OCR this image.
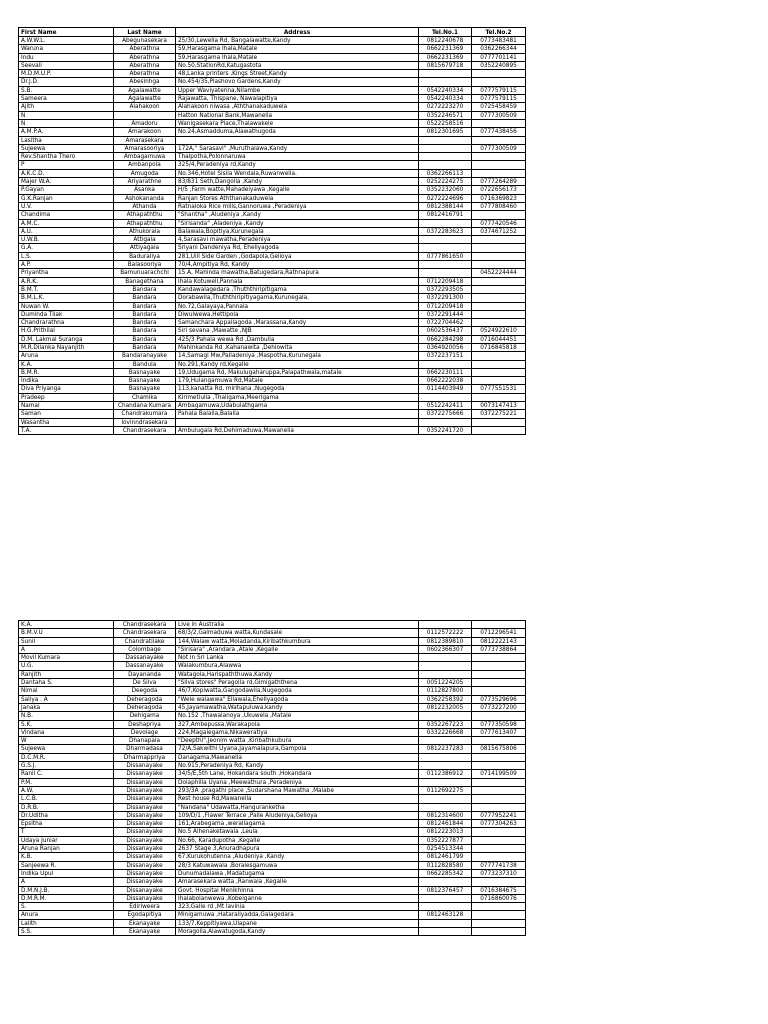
First Name	Last Name	Address	Tel.No.1	Tel.No.2
A.W.W.L.	Abegunasekara	25/30,Lewella Rd, Bangalawatte,Kandy	0812240678	0773483481
Waruna	Aberathna	59,Harasgama Ihala,Matale	0662231369	0362266344
Indu	Aberathna	59,Harasgama Ihala,Matale	0662231369	0777701141
Seevali	Aberathna	No.50,StationRd,Katugastota	0815679718	0352240895
M.D.M.U.P.	Aberathna	48,Lanka printers ,Kings Street,Kandy		
Dr.J.D.	Abesinhga	No.454/35,Piashovo Gardens,Kandy		
S.B.	Agalawatte	Upper Waviyatenna,Nilambe	0542240334	0777579115
Sameera	Agalawatte	Rajawatta, Thispane, Nawalapitiya	0542240334	0777579115
Ajith	Alahakoon	Alahakoon niwasa ,Aththanakaduwela	0272223270	0725458459
N		Hatton National Bank,Mawanella	0352246571	0777300509
N	Amadoru	Wanigasekara Place,Thalawakele	0522258516	
A.M.P.A.	Amarakoon	No.24,Asmadduma,Alawathugoda	0812301695	0777438456
Lasitha	Amarasekara			
Sujeewa	Amarasooriya	172A," Sarasavi" ,Muruthalawa,Kandy		0777300509
Rev.Shantha Thero	Ambagamuwa	Thalpotha,Polonnaruwa		
P	Ambanpola	325/4,Peradeniya rd,Kandy		
A.K.C.D.	Amugoda	No.346,Hotel Sisila Wendala,Ruwanwella.	0362266113	
Majer W.A.	Ariyarathne	83/831 Seth,Dangolla ,Kandy	0252224275	0777264289
P.Gayan	Asanka	H/5 ,Farm watte,Mahadeiyawa ,Kegalle	0352232060	0722656173
G.K.Ranjan	Ashokananda	Ranjan Stores Aththanakaduwela	0272224696	0716369823
U.V.	Athanda	Ratnaloka Rice mills,Gannoruwa ,Peradeniya	0812388144	0777808460
Chandima	Athapaththu	"Shantha" ,Aludeniya ,Kandy	0812416791	
A.M.C.	Athapaththu	"Sirisanda" ,Aladeniya ,Kandy		0777420546
A.U.	Athukorala	Balawala,Bopitiya,Kurunegala	0372283623	0374671252
U.W.B.	Attigala	4,Sarasavi mawatha,Peradeniya		
G.A.	Attiyagala	Sriyani Dandeniya Rd, Eheliyagoda		
L.S.	Baduraliya	281,Uill Side Garden ,Godapola,Gelioya	0777861650	
A.P.	Balasooriya	70/4,Ampitiya Rd, Kandy		
Priyantha	Bamunuarachchi	15 A, Mahinda mawatha,Batugedara,Rathnapura		0452224444
A.R.K.	Banagethana	Ihala Kotuwell,Pannala	0712209418	
B.M.T.	Bandara	Kandawalagedara ,Thuththiripitigama	0372293505	
B.M.L.K.	Bandara	Dorabawila,Thuththiripitiyagama,Kurunegala.	0372291300	
Nuwan W.	Bandara	No.72,Galayaya,Pannala	0712209418	
Duminda Tilak	Bandara	Diwulwewa,Hettipola	0372291444	
Chandrarathna	Bandara	Samanchara Appallagoda ,Marassana,Kandy	0722704462	
H.G.Prithilal	Bandara	Siri sevana ,Mawatte ,NJB	0602536437	0524922610
D.M. Lakmal Suranga	Bandara	425/3 Pahala wewa Rd ,Dambulla	0662284298	0716044451
M.R.Dilanka Nayanjith	Bandara	Mahinkanda Rd ,Kahanawita ,Dehiowita	0364920056	0716845818
Aruna	Bandaranayake	14,Samagi Mw,Palladeniya ,Maspotha,Kurunegala	0372237151	
K.A.	Bandula	No.291,Kandy rd,Kegalle		
B.M.R.	Basnayake	19,Udugama Rd, Makulugaharuppa,Palapathwala,matale	0662230111	
Indika	Basnayake	179,Hulangamuwa Rd,Matale	0662222038	
Diva Priyanga	Basnayake	113,kanatta Rd, mirihana ,Nugegoda	0114403949	0777551531
Pradeep	Chamika	Kirimetiulla ,Thaligama,Meerigama		
Namal	Chandana Kumara	Ambagamuwa,Udabulathgama	0512242411	0073147413
Saman	Chandrakumara	Pahala Balalla,Balalla	0372275666	0372275221
Wasantha	lovinndrasekara			
T.A.	Chandrasekara	Ambulugala Rd,Dehimaduwa,Mawanella	0352241720	
K.A.	Chandrasekara	Live in Australia		
B.M.V.U	Chandrasekara	68/3/2,Galmaduwa watta,Kundasale	0112572222	0712296541
Sunil	Chandratilake	144,Walaw watta,Moladanda,Kiribathkumbura	0812389810	0812222143
A	Colombage	"Sirisara" ,Arandara ,Atale ,Kegalle	0602366307	0773738864
Movil Kumara	Dassanayake	Not in Sri Lanka		
U.G.	Dassanayake	Walakumbura,Alawwa		
Ranjith	Dayananda	Watagola,Harispaththuwa,Kandy		
Dantaha S.	De Silva	"Silva stores" Peragolla rd,Gimigaththena	0051224205	
Nimal	Deegoda	46/7,Kopiwatta,Gangodawila,Nugegoda	0112827800	
Saliya . A	Deheragoda	"Wele walawwa" Ellawala,Eheliyagoda	0362258392	0773529696
Janaka	Deheragoda	45,Jayamawatha,Watapuluwa,kandy	0812232005	0773227200
N.B.	Dehigama	No.152 ,Thawalanoya ,Ukuwela ,Matale		
S.K.	Deshapriya	327,Ambepussa,Warakapola	0352267223	0777350598
Vindana	Devolage	224,Magalegama,Nikaweratiya	0332226668	0777613407
W	Dhanapala	"Deepthi",Jeonim watta ,Kiribathkubura		
Sujeewa	Dharmadasa	72/A,Sakwithi Uyana,Jayamalapura,Gampola	0812237283	0815675806
D.C.M.R.	Dharmappriya	Danagama,Mawanella		
G.S.J.	Dissanayake	No.915,Peradeniya Rd, Kandy		
Ranil C.	Dissanayake	34/5/E,5th Lane, Hokandara south ,Hokandara	0112386912	0714199509
P.M.	Dissanayake	Dolaphilla Uyana ,Meewathura ,Peradeniya		
A.W.	Dissanayake	293/3A ,pragathi place ,Sudarshana Mawatha ,Malabe	0112692275	
L.C.B.	Dissanayake	Rest house Rd,Mawanella		
D.R.B.	Dissanayake	"Nandana" Udawatta,Hanguranketha		
Dr.Uditha	Dissanayake	109/D/1 ,Flawer Terrace ,Palle Aludeniya,Gelioya	0812314600	0777952241
Epsitha	Dissanayake	161,Arabegama ,werallagama	0812461844	0777304263
T	Dissanayake	No.5 Alhenaketawala ,Leula	0812223013	
Udaya Juniar	Dissanayake	No.66, Karadupotha ,Kegalle	0352227877	
Aruna Ranjan	Dissanayake	2637 Stage 3,Anuradhapura	0254513344	
K.B.	Dissanayake	67,Kurukohutenna ,Aludeniya ,Kandy	0812461799	
Sanjeewa R.	Dissanayake	28/3 Katuwawala ,Boralesgamuwa	0112828580	0777741738
Indika Upul	Dissanayake	Dunumadalawa ,Madatugama	0662285342	0773237310
A	Dissanayake	Amarasekara watta ,Ranwala ,Kegalle		
D.M.N.J.B.	Dissanayake	Govt. Hospital Menikhinna	0812376457	0716384675
D.M.R.M.	Dissanayake	Ihalabolanwewa ,Kobeiganne		0716860076
S.	Ediriweera	323,Galle rd ,Mt lavinia		
Anura	Egodapitiya	Minigamuwa ,Hataraliyadda,Galagedara	0812463128	
Lalith	Ekanayake	133/7,Keppitiyawa,Ulapane		
S.S.	Ekanayake	Moragolla,Alawatugoda,Kandy		
